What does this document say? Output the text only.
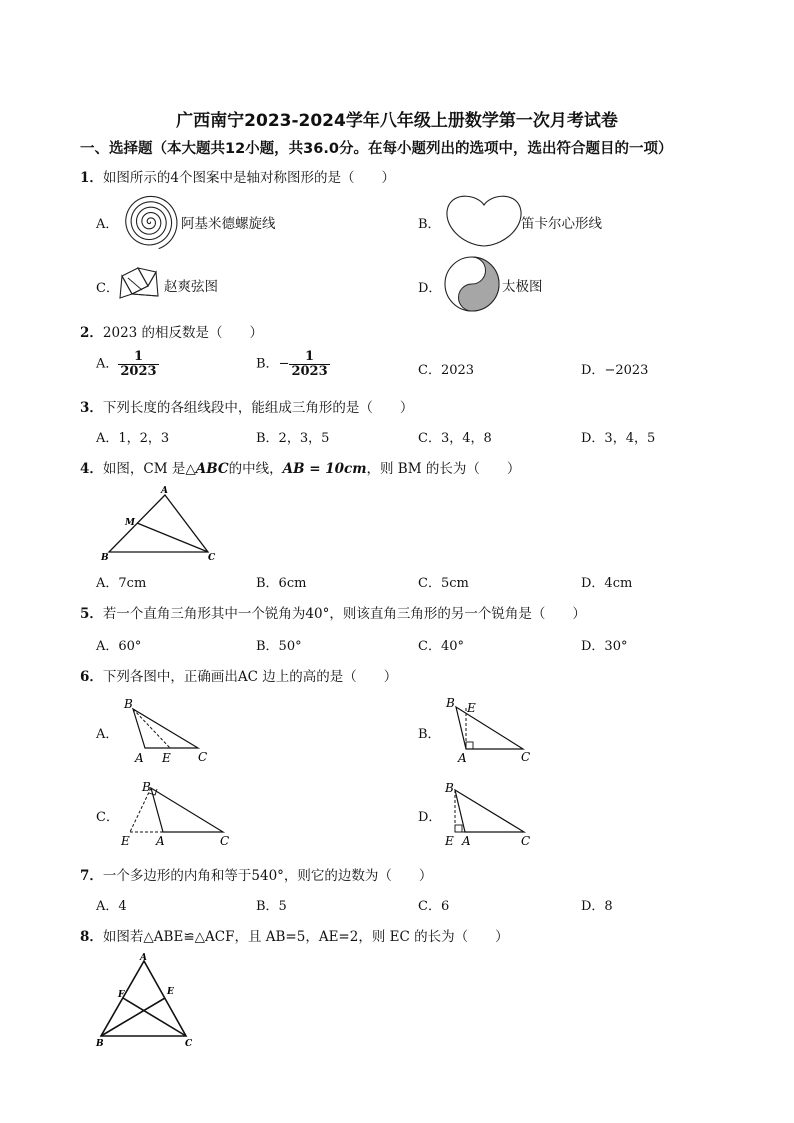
广西南宁2023-2024学年八年级上册数学第一次月考试卷
一、选择题（本大题共12小题，共36.0分。在每小题列出的选项中，选出符合题目的一项）
1．如图所示的4个图案中是轴对称图形的是（　　）
A．	阿基米德螺旋线	B．	笛卡尔心形线
C．	赵爽弦图	D．	太极图
2．2023 的相反数是（　　）
A． $\frac{1}{2023}$	B．− $\frac{1}{2023}$	C．2023	D．−2023
3．下列长度的各组线段中，能组成三角形的是（　　）
A．1，2，3	B．2，3，5	C．3，4，8	D．3，4，5
4．如图，CM 是△ABC的中线，AB = 10cm，则 BM 的长为（　　）
A
M
B	C
A．7cm	B．6cm	C．5cm	D．4cm
5．若一个直角三角形其中一个锐角为40°，则该直角三角形的另一个锐角是（　　）
A．60°	B．50°	C．40°	D．30°
6．下列各图中，正确画出AC 边上的高的是（　　）
A．
B
A E C
B．
B E
A	C
C．
B
E A	C
D．
B
E A	C
7．一个多边形的内角和等于540°，则它的边数为（　　）
A．4	B．5	C．6	D．8
8．如图若△ABE≌△ACF，且 AB=5，AE=2，则 EC 的长为（　　）
A
F	E
B	C
